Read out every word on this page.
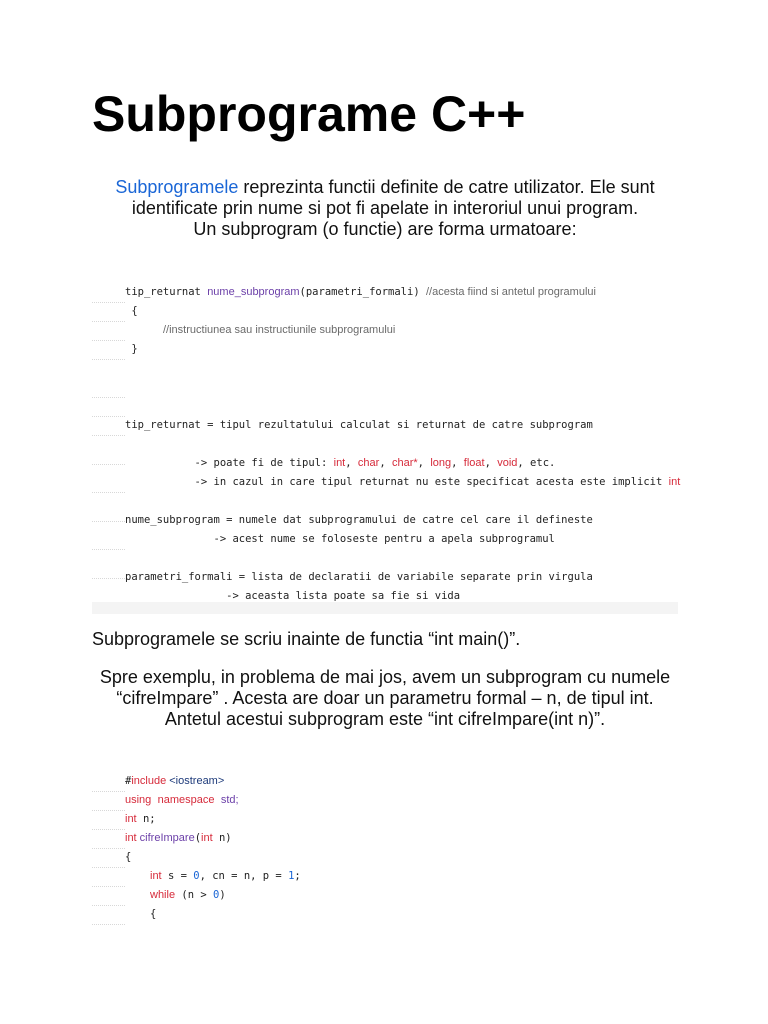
Subprograme C++
Subprogramele reprezinta functii definite de catre utilizator. Ele sunt identificate prin nume si pot fi apelate in interoriul unui program.
Un subprogram (o functie) are forma urmatoare:
tip_returnat nume_subprogram(parametri_formali) //acesta fiind si antetul programului
{
//instructiunea sau instructiunile subprogramului
}
tip_returnat = tipul rezultatului calculat si returnat de catre subprogram
-> poate fi de tipul: int, char, char*, long, float, void, etc.
-> in cazul in care tipul returnat nu este specificat acesta este implicit int
nume_subprogram = numele dat subprogramului de catre cel care il defineste
-> acest nume se foloseste pentru a apela subprogramul
parametri_formali = lista de declaratii de variabile separate prin virgula
-> aceasta lista poate sa fie si vida
Subprogramele se scriu inainte de functia “int main()”.
Spre exemplu, in problema de mai jos, avem un subprogram cu numele “cifreImpare” . Acesta are doar un parametru formal – n, de tipul int.
Antetul acestui subprogram este “int cifreImpare(int n)”.
#include <iostream>
using namespace std;
int n;
int cifreImpare(int n)
{
int s = 0, cn = n, p = 1;
while (n > 0)
{
